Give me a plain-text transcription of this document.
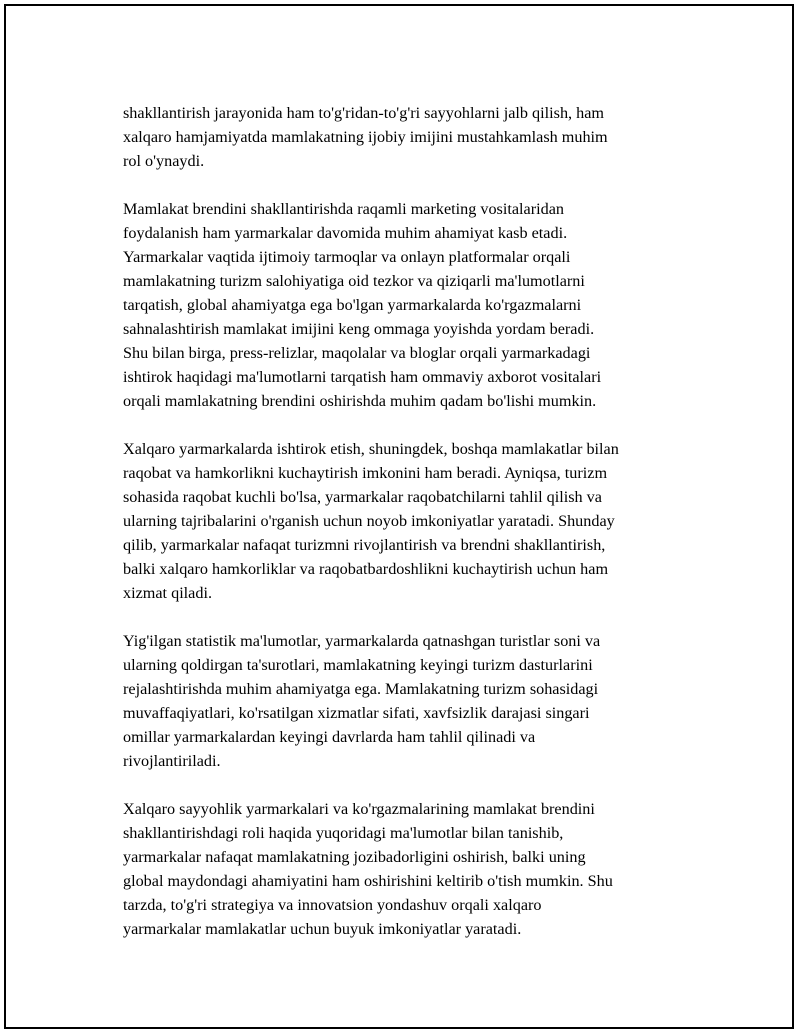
shakllantirish jarayonida ham to'g'ridan-to'g'ri sayyohlarni jalb qilish, ham
xalqaro hamjamiyatda mamlakatning ijobiy imijini mustahkamlash muhim
rol o'ynaydi.

Mamlakat brendini shakllantirishda raqamli marketing vositalaridan
foydalanish ham yarmarkalar davomida muhim ahamiyat kasb etadi.
Yarmarkalar vaqtida ijtimoiy tarmoqlar va onlayn platformalar orqali
mamlakatning turizm salohiyatiga oid tezkor va qiziqarli ma'lumotlarni
tarqatish, global ahamiyatga ega bo'lgan yarmarkalarda ko'rgazmalarni
sahnalashtirish mamlakat imijini keng ommaga yoyishda yordam beradi.
Shu bilan birga, press-relizlar, maqolalar va bloglar orqali yarmarkadagi
ishtirok haqidagi ma'lumotlarni tarqatish ham ommaviy axborot vositalari
orqali mamlakatning brendini oshirishda muhim qadam bo'lishi mumkin.

Xalqaro yarmarkalarda ishtirok etish, shuningdek, boshqa mamlakatlar bilan
raqobat va hamkorlikni kuchaytirish imkonini ham beradi. Ayniqsa, turizm
sohasida raqobat kuchli bo'lsa, yarmarkalar raqobatchilarni tahlil qilish va
ularning tajribalarini o'rganish uchun noyob imkoniyatlar yaratadi. Shunday
qilib, yarmarkalar nafaqat turizmni rivojlantirish va brendni shakllantirish,
balki xalqaro hamkorliklar va raqobatbardoshlikni kuchaytirish uchun ham
xizmat qiladi.

Yig'ilgan statistik ma'lumotlar, yarmarkalarda qatnashgan turistlar soni va
ularning qoldirgan ta'surotlari, mamlakatning keyingi turizm dasturlarini
rejalashtirishda muhim ahamiyatga ega. Mamlakatning turizm sohasidagi
muvaffaqiyatlari, ko'rsatilgan xizmatlar sifati, xavfsizlik darajasi singari
omillar yarmarkalardan keyingi davrlarda ham tahlil qilinadi va
rivojlantiriladi.

Xalqaro sayyohlik yarmarkalari va ko'rgazmalarining mamlakat brendini
shakllantirishdagi roli haqida yuqoridagi ma'lumotlar bilan tanishib,
yarmarkalar nafaqat mamlakatning jozibadorligini oshirish, balki uning
global maydondagi ahamiyatini ham oshirishini keltirib o'tish mumkin. Shu
tarzda, to'g'ri strategiya va innovatsion yondashuv orqali xalqaro
yarmarkalar mamlakatlar uchun buyuk imkoniyatlar yaratadi.
